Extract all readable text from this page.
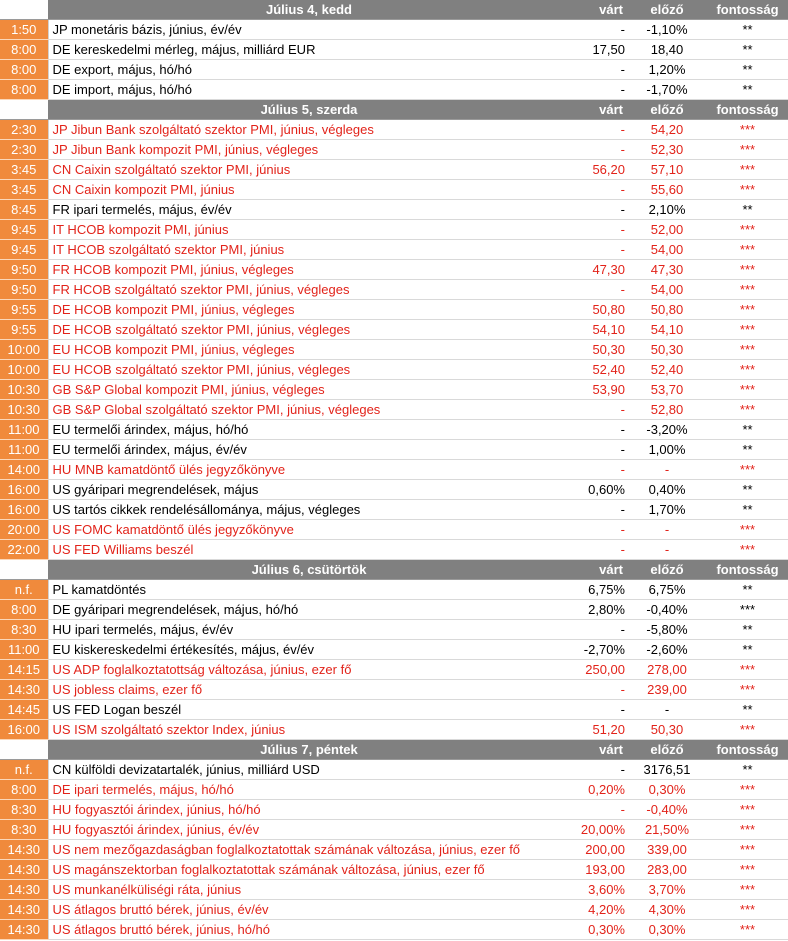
	Július 4, kedd	várt	előző	fontosság
1:50	JP monetáris bázis, június, év/év	-	-1,10%	**
8:00	DE kereskedelmi mérleg, május, milliárd EUR	17,50	18,40	**
8:00	DE export, május, hó/hó	-	1,20%	**
8:00	DE import, május, hó/hó	-	-1,70%	**
	Július 5, szerda	várt	előző	fontosság
2:30	JP Jibun Bank szolgáltató szektor PMI, június, végleges	-	54,20	***
2:30	JP Jibun Bank kompozit PMI, június, végleges	-	52,30	***
3:45	CN Caixin szolgáltató szektor PMI, június	56,20	57,10	***
3:45	CN Caixin kompozit PMI, június	-	55,60	***
8:45	FR ipari termelés, május, év/év	-	2,10%	**
9:45	IT HCOB kompozit PMI, június	-	52,00	***
9:45	IT HCOB szolgáltató szektor PMI, június	-	54,00	***
9:50	FR HCOB kompozit PMI, június, végleges	47,30	47,30	***
9:50	FR HCOB szolgáltató szektor PMI, június, végleges	-	54,00	***
9:55	DE HCOB kompozit PMI, június, végleges	50,80	50,80	***
9:55	DE HCOB szolgáltató szektor PMI, június, végleges	54,10	54,10	***
10:00	EU HCOB kompozit PMI, június, végleges	50,30	50,30	***
10:00	EU HCOB szolgáltató szektor PMI, június, végleges	52,40	52,40	***
10:30	GB S&P Global kompozit PMI, június, végleges	53,90	53,70	***
10:30	GB S&P Global szolgáltató szektor PMI, június, végleges	-	52,80	***
11:00	EU termelői árindex, május, hó/hó	-	-3,20%	**
11:00	EU termelői árindex, május, év/év	-	1,00%	**
14:00	HU MNB kamatdöntő ülés jegyzőkönyve	-	-	***
16:00	US gyáripari megrendelések, május	0,60%	0,40%	**
16:00	US tartós cikkek rendelésállománya, május, végleges	-	1,70%	**
20:00	US FOMC kamatdöntő ülés jegyzőkönyve	-	-	***
22:00	US FED Williams beszél	-	-	***
	Július 6, csütörtök	várt	előző	fontosság
n.f.	PL kamatdöntés	6,75%	6,75%	**
8:00	DE gyáripari megrendelések, május, hó/hó	2,80%	-0,40%	***
8:30	HU ipari termelés, május, év/év	-	-5,80%	**
11:00	EU kiskereskedelmi értékesítés, május, év/év	-2,70%	-2,60%	**
14:15	US ADP foglalkoztatottság változása, június, ezer fő	250,00	278,00	***
14:30	US jobless claims, ezer fő	-	239,00	***
14:45	US FED Logan beszél	-	-	**
16:00	US ISM szolgáltató szektor Index, június	51,20	50,30	***
	Július 7, péntek	várt	előző	fontosság
n.f.	CN külföldi devizatartalék, június, milliárd USD	-	3176,51	**
8:00	DE ipari termelés, május, hó/hó	0,20%	0,30%	***
8:30	HU fogyasztói árindex, június, hó/hó	-	-0,40%	***
8:30	HU fogyasztói árindex, június, év/év	20,00%	21,50%	***
14:30	US nem mezőgazdaságban foglalkoztatottak számának változása, június, ezer fő	200,00	339,00	***
14:30	US magánszektorban foglalkoztatottak számának változása, június, ezer fő	193,00	283,00	***
14:30	US munkanélküliségi ráta, június	3,60%	3,70%	***
14:30	US átlagos bruttó bérek, június, év/év	4,20%	4,30%	***
14:30	US átlagos bruttó bérek, június, hó/hó	0,30%	0,30%	***
